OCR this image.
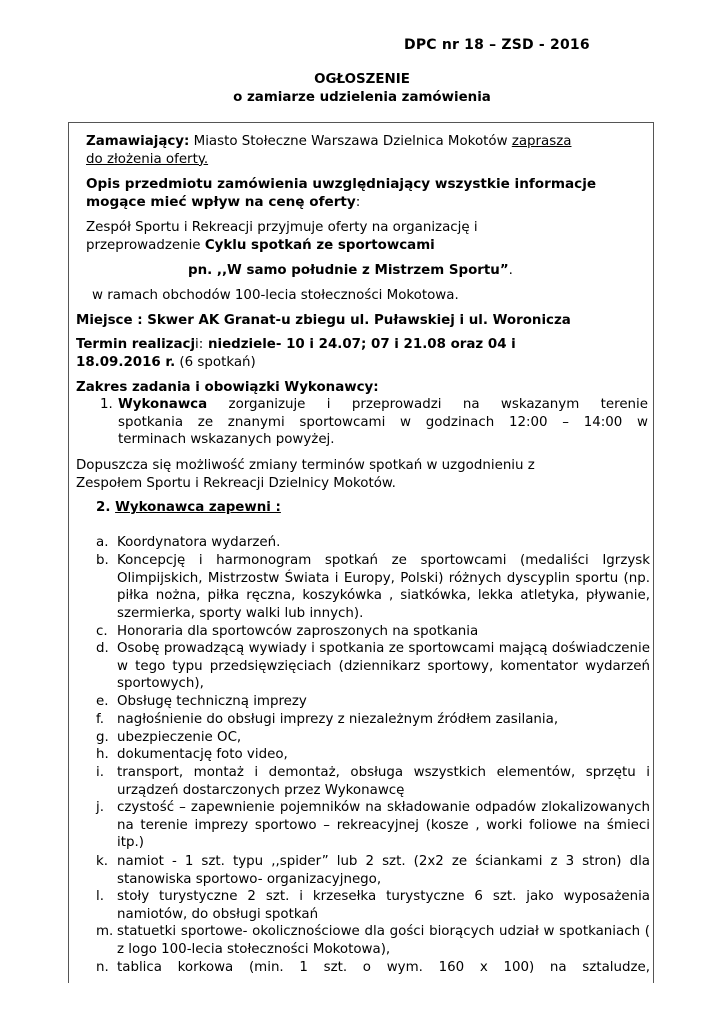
DPC nr 18 – ZSD - 2016
OGŁOSZENIE
o zamiarze udzielenia zamówienia
Zamawiający: Miasto Stołeczne Warszawa Dzielnica Mokotów zaprasza
do złożenia oferty.
Opis przedmiotu zamówienia uwzględniający wszystkie informacje
mogące mieć wpływ na cenę oferty:
Zespół Sportu i Rekreacji przyjmuje oferty na organizację i
przeprowadzenie Cyklu spotkań ze sportowcami
pn. ,,W samo południe z Mistrzem Sportu”.
w ramach obchodów 100-lecia stołeczności Mokotowa.
Miejsce : Skwer AK Granat-u zbiegu ul. Puławskiej i ul. Woronicza
Termin realizacji: niedziele- 10 i 24.07; 07 i 21.08 oraz 04 i
18.09.2016 r. (6 spotkań)
Zakres zadania i obowiązki Wykonawcy:
1. Wykonawca zorganizuje i przeprowadzi na wskazanym terenie
spotkania ze znanymi sportowcami w godzinach 12:00 – 14:00 w
terminach wskazanych powyżej.
Dopuszcza się możliwość zmiany terminów spotkań w uzgodnieniu z
Zespołem Sportu i Rekreacji Dzielnicy Mokotów.
2. Wykonawca zapewni :
a. Koordynatora wydarzeń.
b. Koncepcję i harmonogram spotkań ze sportowcami (medaliści Igrzysk Olimpijskich, Mistrzostw Świata i Europy, Polski) różnych dyscyplin sportu (np. piłka nożna, piłka ręczna, koszykówka , siatkówka, lekka atletyka, pływanie, szermierka, sporty walki lub innych).
c. Honoraria dla sportowców zaproszonych na spotkania
d. Osobę prowadzącą wywiady i spotkania ze sportowcami mającą doświadczenie w tego typu przedsięwzięciach (dziennikarz sportowy, komentator wydarzeń sportowych),
e. Obsługę techniczną imprezy
f. nagłośnienie do obsługi imprezy z niezależnym źródłem zasilania,
g. ubezpieczenie OC,
h. dokumentację foto video,
i. transport, montaż i demontaż, obsługa wszystkich elementów, sprzętu i urządzeń dostarczonych przez Wykonawcę
j. czystość – zapewnienie pojemników na składowanie odpadów zlokalizowanych na terenie imprezy sportowo – rekreacyjnej (kosze , worki foliowe na śmieci itp.)
k. namiot - 1 szt. typu ,,spider” lub 2 szt. (2x2 ze ściankami z 3 stron) dla stanowiska sportowo- organizacyjnego,
l. stoły turystyczne 2 szt. i krzesełka turystyczne 6 szt. jako wyposażenia namiotów, do obsługi spotkań
m. statuetki sportowe- okolicznościowe dla gości biorących udział w spotkaniach ( z logo 100-lecia stołeczności Mokotowa),
n. tablica korkowa (min. 1 szt. o wym. 160 x 100) na sztaludze,
